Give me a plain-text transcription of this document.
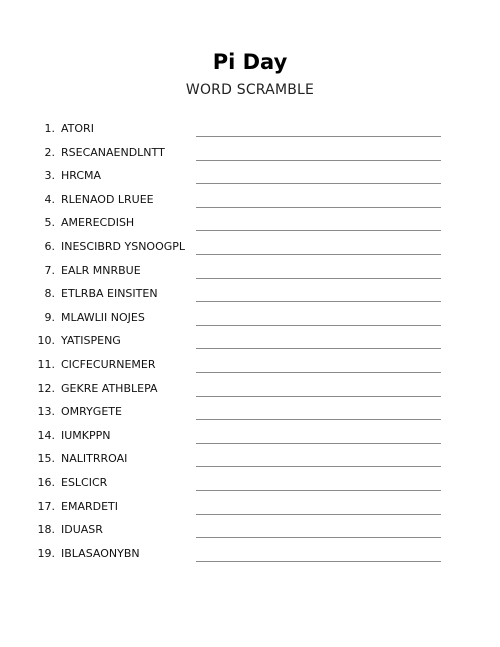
Pi Day
WORD SCRAMBLE
1. ATORI
2. RSECANAENDLNTT
3. HRCMA
4. RLENAOD LRUEE
5. AMERECDISH
6. INESCIBRD YSNOOGPL
7. EALR MNRBUE
8. ETLRBA EINSITEN
9. MLAWLII NOJES
10. YATISPENG
11. CICFECURNEMER
12. GEKRE ATHBLEPA
13. OMRYGETE
14. IUMKPPN
15. NALITRROAI
16. ESLCICR
17. EMARDETI
18. IDUASR
19. IBLASAONYBN
